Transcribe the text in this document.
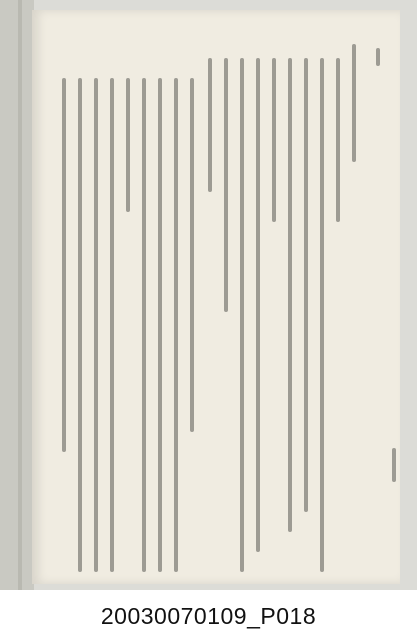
20030070109_P018
